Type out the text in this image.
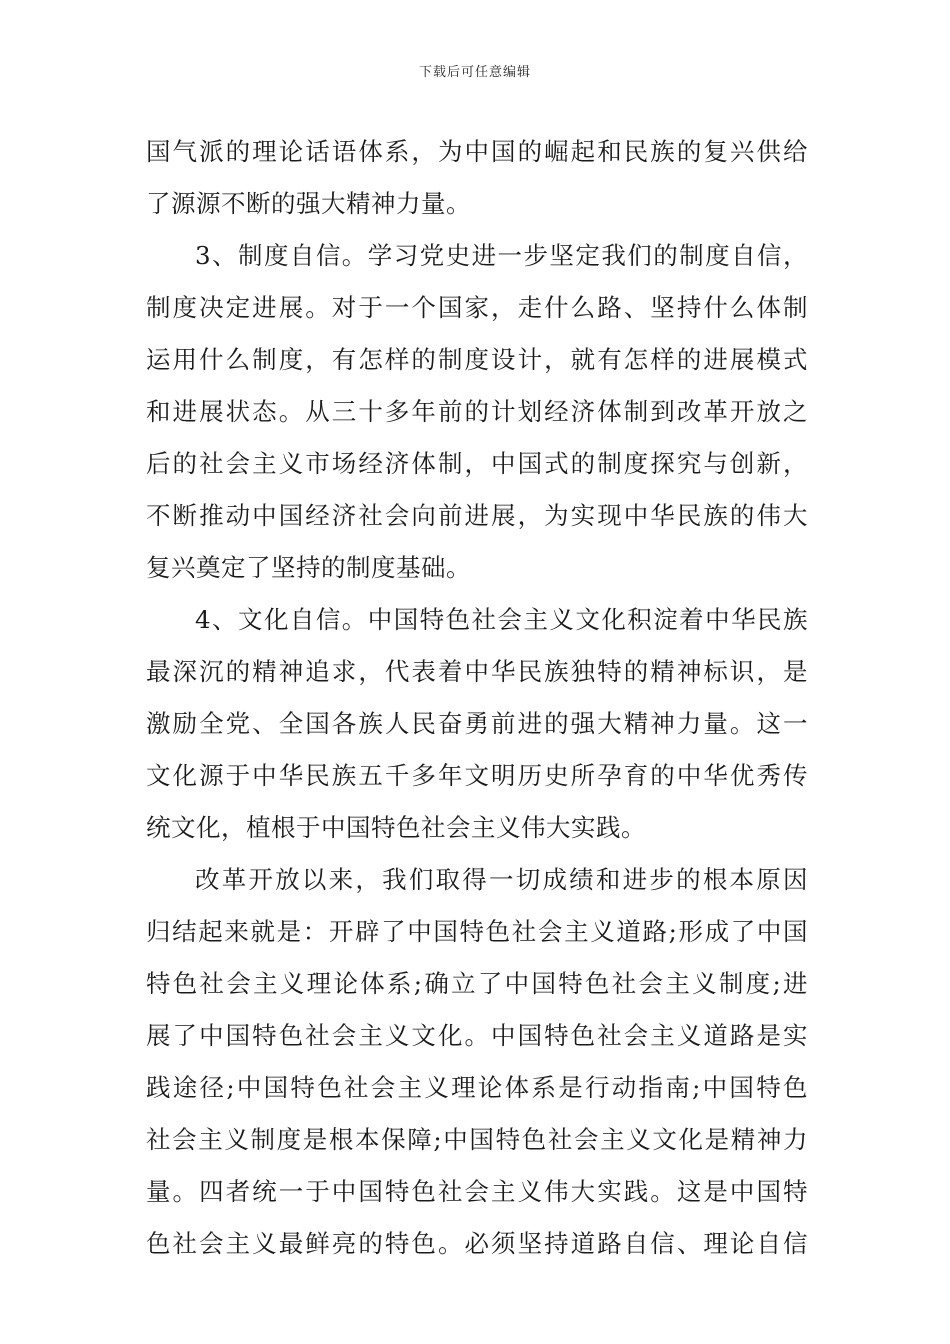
下载后可任意编辑
国气派的理论话语体系，为中国的崛起和民族的复兴供给
了源源不断的强大精神力量。
3、制度自信。学习党史进一步坚定我们的制度自信，
制度决定进展。对于一个国家，走什么路、坚持什么体制
运用什么制度，有怎样的制度设计，就有怎样的进展模式
和进展状态。从三十多年前的计划经济体制到改革开放之
后的社会主义市场经济体制，中国式的制度探究与创新，
不断推动中国经济社会向前进展，为实现中华民族的伟大
复兴奠定了坚持的制度基础。
4、文化自信。中国特色社会主义文化积淀着中华民族
最深沉的精神追求，代表着中华民族独特的精神标识，是
激励全党、全国各族人民奋勇前进的强大精神力量。这一
文化源于中华民族五千多年文明历史所孕育的中华优秀传
统文化，植根于中国特色社会主义伟大实践。
改革开放以来，我们取得一切成绩和进步的根本原因
归结起来就是：开辟了中国特色社会主义道路;形成了中国
特色社会主义理论体系;确立了中国特色社会主义制度;进
展了中国特色社会主义文化。中国特色社会主义道路是实
践途径;中国特色社会主义理论体系是行动指南;中国特色
社会主义制度是根本保障;中国特色社会主义文化是精神力
量。四者统一于中国特色社会主义伟大实践。这是中国特
色社会主义最鲜亮的特色。必须坚持道路自信、理论自信
